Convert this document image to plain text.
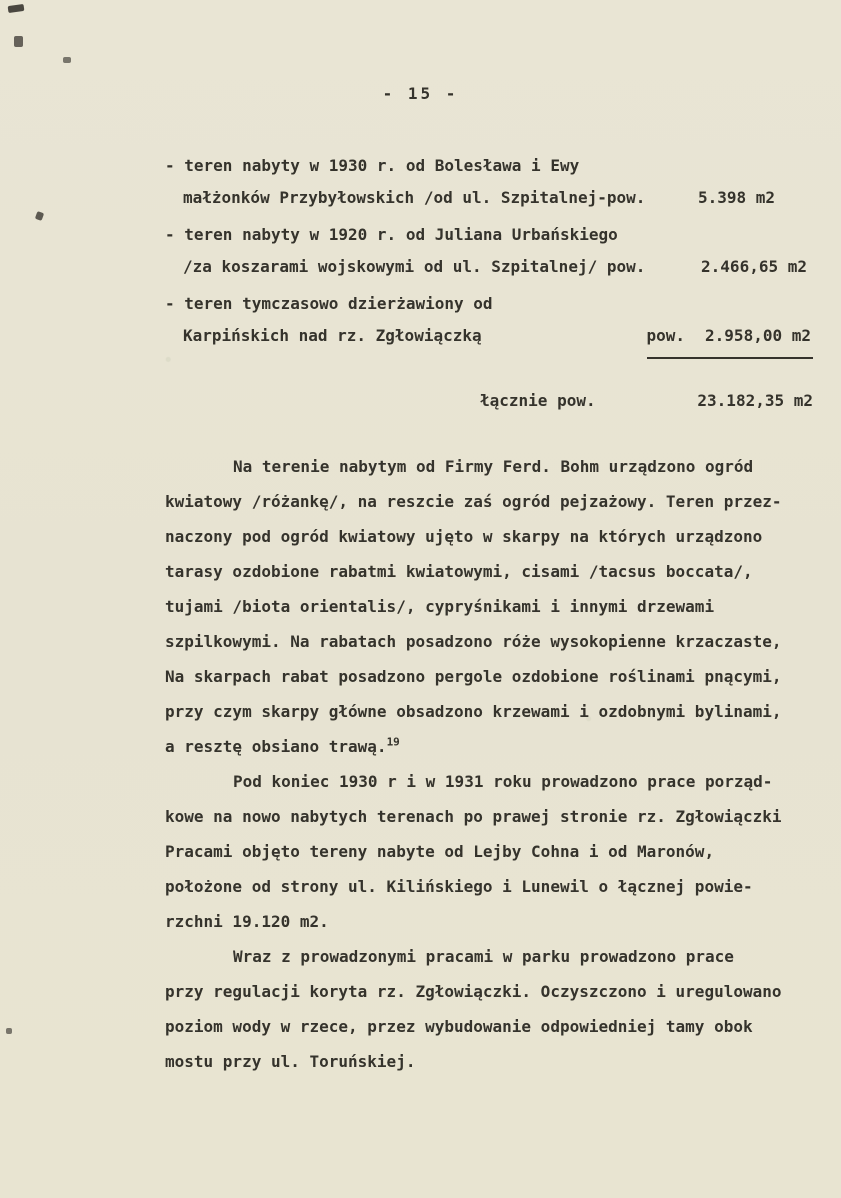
- 15 -
- teren nabyty w 1930 r. od Bolesława i Ewy
małżonków Przybyłowskich /od ul. Szpitalnej-pow.	5.398 m2
- teren nabyty w 1920 r. od Juliana Urbańskiego
/za koszarami wojskowymi od ul. Szpitalnej/ pow.	2.466,65 m2
- teren tymczasowo dzierżawiony od
Karpińskich nad rz. Zgłowiączką	pow. 2.958,00 m2
łącznie pow.	23.182,35 m2
Na terenie nabytym od Firmy Ferd. Bohm urządzono ogród
kwiatowy /różankę/, na reszcie zaś ogród pejzażowy. Teren przez-
naczony pod ogród kwiatowy ujęto w skarpy na których urządzono
tarasy ozdobione rabatmi kwiatowymi, cisami /tacsus boccata/,
tujami /biota orientalis/, cypryśnikami i innymi drzewami
szpilkowymi. Na rabatach posadzono róże wysokopienne krzaczaste,
Na skarpach rabat posadzono pergole ozdobione roślinami pnącymi,
przy czym skarpy główne obsadzono krzewami i ozdobnymi bylinami,
a resztę obsiano trawą.$^{19}$
Pod koniec 1930 r i w 1931 roku prowadzono prace porząd-
kowe na nowo nabytych terenach po prawej stronie rz. Zgłowiączki
Pracami objęto tereny nabyte od Lejby Cohna i od Maronów,
położone od strony ul. Kilińskiego i Lunewil o łącznej powie-
rzchni 19.120 m2.
Wraz z prowadzonymi pracami w parku prowadzono prace
przy regulacji koryta rz. Zgłowiączki. Oczyszczono i uregulowano
poziom wody w rzece, przez wybudowanie odpowiedniej tamy obok
mostu przy ul. Toruńskiej.
